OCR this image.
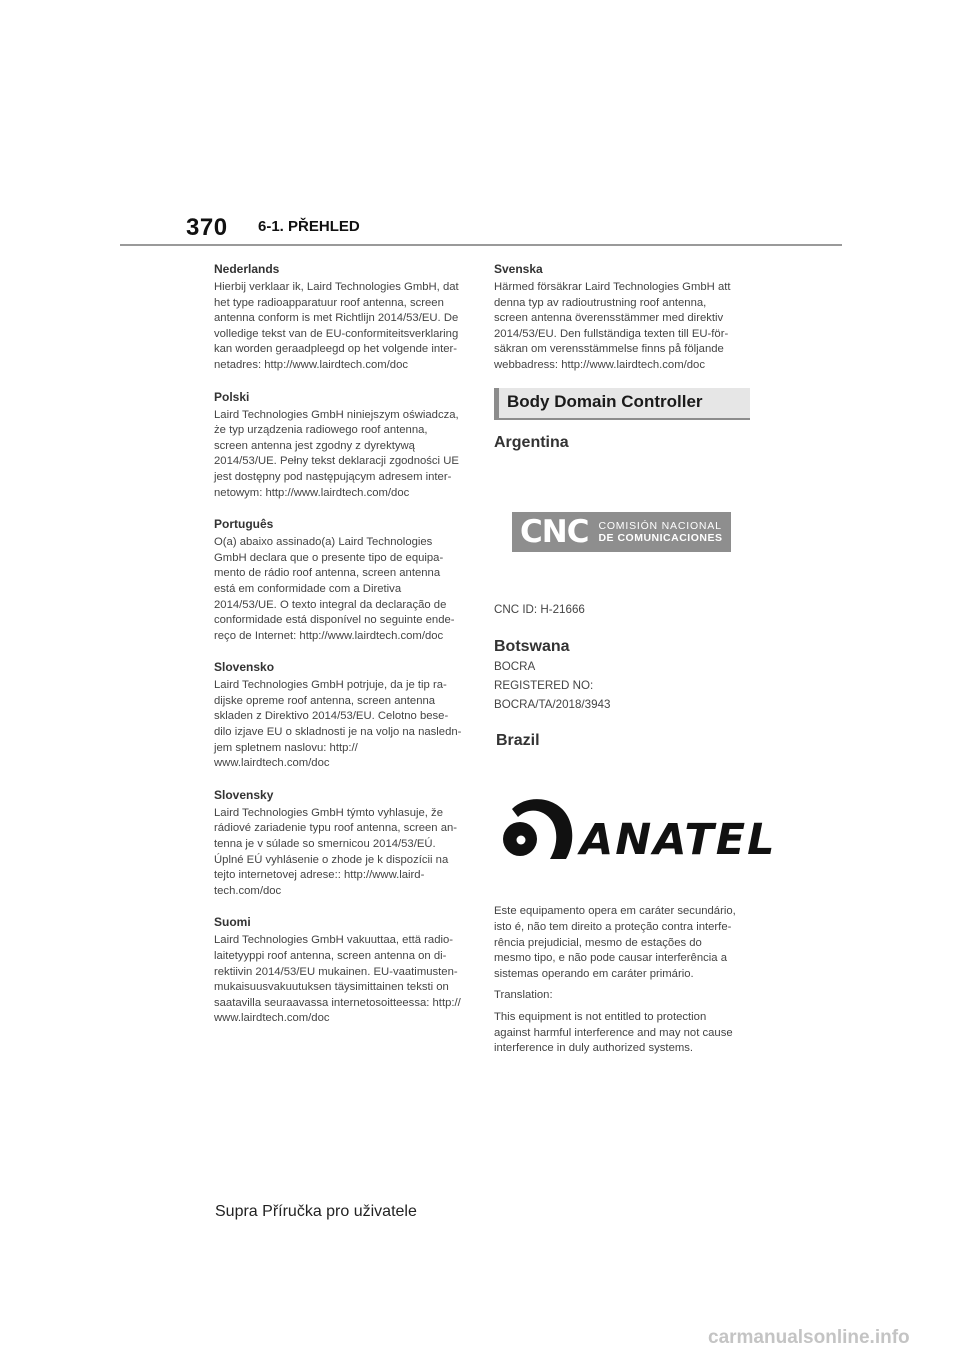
370 6-1. PŘEHLED
Nederlands

Hierbij verklaar ik, Laird Technologies GmbH, dat
het type radioapparatuur roof antenna, screen
antenna conform is met Richtlijn 2014/53/EU. De
volledige tekst van de EU-conformiteitsverklaring
kan worden geraadpleegd op het volgende inter-
netadres: http://www.lairdtech.com/doc

Polski

Laird Technologies GmbH niniejszym oświadcza,
że typ urządzenia radiowego roof antenna,
screen antenna jest zgodny z dyrektywą
2014/53/UE. Pełny tekst deklaracji zgodności UE
jest dostępny pod następującym adresem inter-
netowym: http://www.lairdtech.com/doc

Português

O(a) abaixo assinado(a) Laird Technologies
GmbH declara que o presente tipo de equipa-
mento de rádio roof antenna, screen antenna
está em conformidade com a Diretiva
2014/53/UE. O texto integral da declaração de
conformidade está disponível no seguinte ende-
reço de Internet: http://www.lairdtech.com/doc

Slovensko

Laird Technologies GmbH potrjuje, da je tip ra-
dijske opreme roof antenna, screen antenna
skladen z Direktivo 2014/53/EU. Celotno bese-
dilo izjave EU o skladnosti je na voljo na nasledn-
jem spletnem naslovu: http://
www.lairdtech.com/doc

Slovensky

Laird Technologies GmbH týmto vyhlasuje, že
rádiové zariadenie typu roof antenna, screen an-
tenna je v súlade so smernicou 2014/53/EÚ.
Úplné EÚ vyhlásenie o zhode je k dispozícii na
tejto internetovej adrese:: http://www.laird-
tech.com/doc

Suomi

Laird Technologies GmbH vakuuttaa, että radio-
laitetyyppi roof antenna, screen antenna on di-
rektiivin 2014/53/EU mukainen. EU-vaatimusten-
mukaisuusvakuutuksen täysimittainen teksti on
saatavilla seuraavassa internetosoitteessa: http://
www.lairdtech.com/doc

Svenska

Härmed försäkrar Laird Technologies GmbH att
denna typ av radioutrustning roof antenna,
screen antenna överensstämmer med direktiv
2014/53/EU. Den fullständiga texten till EU-för-
säkran om verensstämmelse finns på följande
webbadress: http://www.lairdtech.com/doc

Body Domain Controller
Argentina

CNC ID: H-21666

Botswana

BOCRA

REGISTERED NO:

BOCRA/TA/2018/3943

Brazil

Este equipamento opera em caráter secundário,
isto é, não tem direito a proteção contra interfe-
rência prejudicial, mesmo de estações do
mesmo tipo, e não pode causar interferência a
sistemas operando em caráter primário.

Translation:

This equipment is not entitled to protection
against harmful interference and may not cause
interference in duly authorized systems.

CNC COMISIÓN NACIONAL
DE COMUNICACIONES
ANATEL
Supra Příručka pro uživatele
carmanualsonline.info
